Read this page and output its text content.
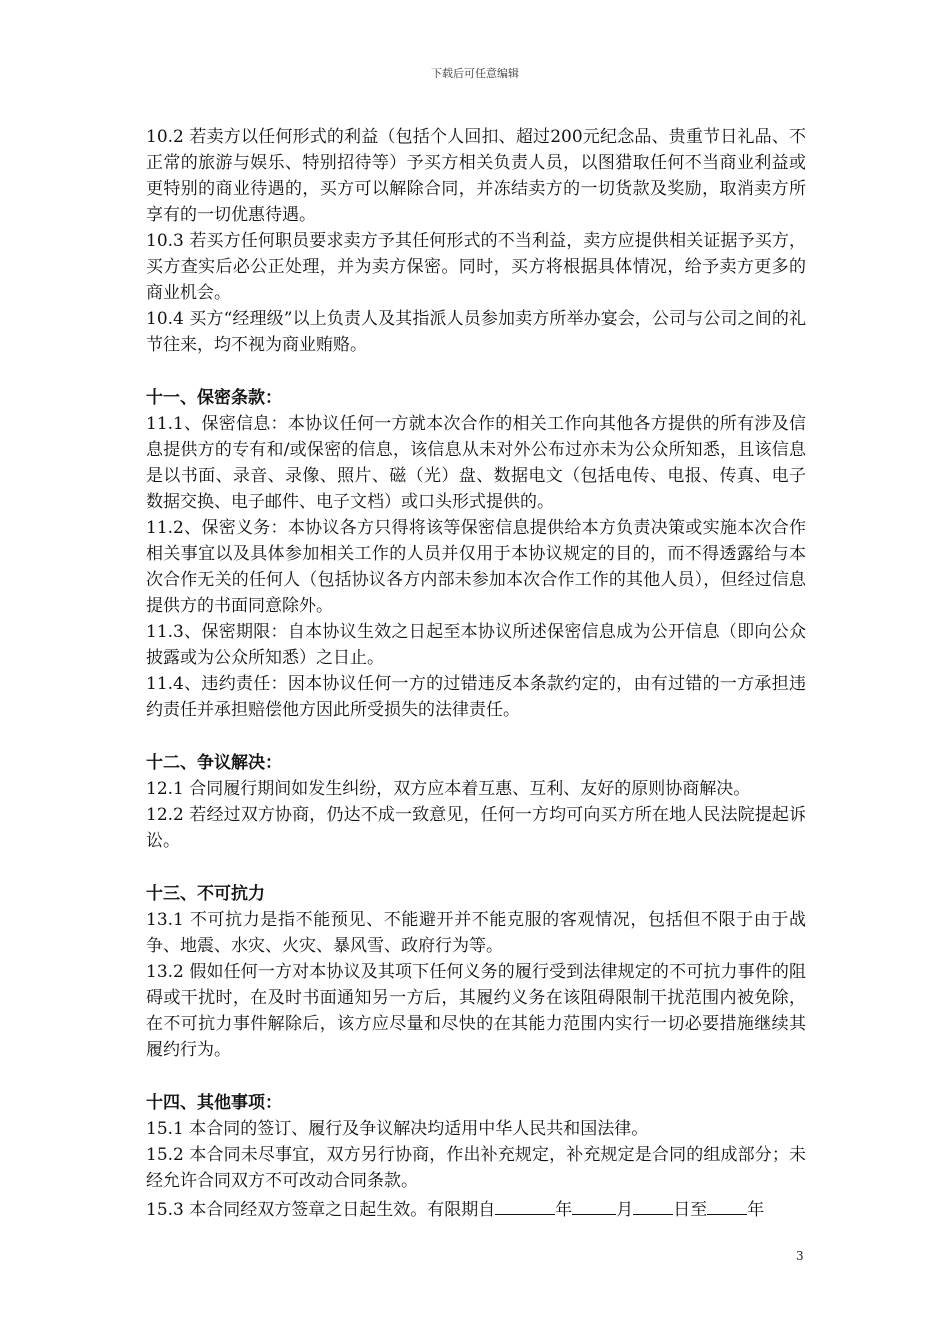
下载后可任意编辑

10.2 若卖方以任何形式的利益（包括个人回扣、超过200元纪念品、贵重节日礼品、不正常的旅游与娱乐、特别招待等）予买方相关负责人员，以图猎取任何不当商业利益或更特别的商业待遇的，买方可以解除合同，并冻结卖方的一切货款及奖励，取消卖方所享有的一切优惠待遇。

10.3 若买方任何职员要求卖方予其任何形式的不当利益，卖方应提供相关证据予买方，买方查实后必公正处理，并为卖方保密。同时，买方将根据具体情况，给予卖方更多的商业机会。

10.4 买方“经理级”以上负责人及其指派人员参加卖方所举办宴会，公司与公司之间的礼节往来，均不视为商业贿赂。

十一、保密条款：

11.1、保密信息：本协议任何一方就本次合作的相关工作向其他各方提供的所有涉及信息提供方的专有和/或保密的信息，该信息从未对外公布过亦未为公众所知悉，且该信息是以书面、录音、录像、照片、磁（光）盘、数据电文（包括电传、电报、传真、电子数据交换、电子邮件、电子文档）或口头形式提供的。

11.2、保密义务：本协议各方只得将该等保密信息提供给本方负责决策或实施本次合作相关事宜以及具体参加相关工作的人员并仅用于本协议规定的目的，而不得透露给与本次合作无关的任何人（包括协议各方内部未参加本次合作工作的其他人员），但经过信息提供方的书面同意除外。

11.3、保密期限：自本协议生效之日起至本协议所述保密信息成为公开信息（即向公众披露或为公众所知悉）之日止。

11.4、违约责任：因本协议任何一方的过错违反本条款约定的，由有过错的一方承担违约责任并承担赔偿他方因此所受损失的法律责任。

十二、争议解决：

12.1 合同履行期间如发生纠纷，双方应本着互惠、互利、友好的原则协商解决。

12.2 若经过双方协商，仍达不成一致意见，任何一方均可向买方所在地人民法院提起诉讼。

十三、不可抗力

13.1 不可抗力是指不能预见、不能避开并不能克服的客观情况，包括但不限于由于战争、地震、水灾、火灾、暴风雪、政府行为等。

13.2 假如任何一方对本协议及其项下任何义务的履行受到法律规定的不可抗力事件的阻碍或干扰时，在及时书面通知另一方后，其履约义务在该阻碍限制干扰范围内被免除，在不可抗力事件解除后，该方应尽量和尽快的在其能力范围内实行一切必要措施继续其履约行为。

十四、其他事项：

15.1 本合同的签订、履行及争议解决均适用中华人民共和国法律。

15.2 本合同未尽事宜，双方另行协商，作出补充规定，补充规定是合同的组成部分；未经允许合同双方不可改动合同条款。

15.3 本合同经双方签章之日起生效。有限期自	年	月 日至 年

3
